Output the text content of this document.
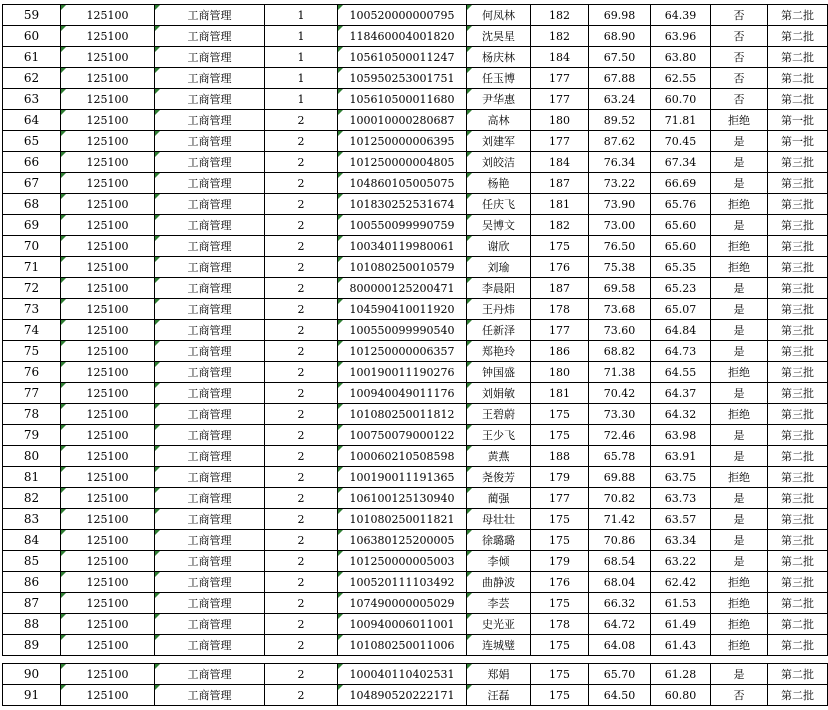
59	125100	工商管理	1	100520000000795	何凤林	182	69.98	64.39	否	第二批
60	125100	工商管理	1	118460004001820	沈昊星	182	68.90	63.96	否	第二批
61	125100	工商管理	1	105610500011247	杨庆林	184	67.50	63.80	否	第二批
62	125100	工商管理	1	105950253001751	任玉博	177	67.88	62.55	否	第二批
63	125100	工商管理	1	105610500011680	尹华惠	177	63.24	60.70	否	第二批
64	125100	工商管理	2	100010000280687	高林	180	89.52	71.81	拒绝	第一批
65	125100	工商管理	2	101250000006395	刘建军	177	87.62	70.45	是	第一批
66	125100	工商管理	2	101250000004805	刘皎洁	184	76.34	67.34	是	第三批
67	125100	工商管理	2	104860105005075	杨艳	187	73.22	66.69	是	第三批
68	125100	工商管理	2	101830252531674	任庆飞	181	73.90	65.76	拒绝	第三批
69	125100	工商管理	2	100550099990759	吴博文	182	73.00	65.60	是	第三批
70	125100	工商管理	2	100340119980061	谢欣	175	76.50	65.60	拒绝	第三批
71	125100	工商管理	2	101080250010579	刘瑜	176	75.38	65.35	拒绝	第三批
72	125100	工商管理	2	800000125200471	李晨阳	187	69.58	65.23	是	第三批
73	125100	工商管理	2	104590410011920	王丹炜	178	73.68	65.07	是	第三批
74	125100	工商管理	2	100550099990540	任新泽	177	73.60	64.84	是	第三批
75	125100	工商管理	2	101250000006357	郑艳玲	186	68.82	64.73	是	第三批
76	125100	工商管理	2	100190011190276	钟国盛	180	71.38	64.55	拒绝	第三批
77	125100	工商管理	2	100940049011176	刘娟敏	181	70.42	64.37	是	第三批
78	125100	工商管理	2	101080250011812	王碧蔚	175	73.30	64.32	拒绝	第三批
79	125100	工商管理	2	100750079000122	王少飞	175	72.46	63.98	是	第三批
80	125100	工商管理	2	100060210508598	黄燕	188	65.78	63.91	是	第二批
81	125100	工商管理	2	100190011191365	尧俊芳	179	69.88	63.75	拒绝	第三批
82	125100	工商管理	2	106100125130940	蔺强	177	70.82	63.73	是	第三批
83	125100	工商管理	2	101080250011821	母壮壮	175	71.42	63.57	是	第三批
84	125100	工商管理	2	106380125200005	徐璐璐	175	70.86	63.34	是	第三批
85	125100	工商管理	2	101250000005003	李倾	179	68.54	63.22	是	第二批
86	125100	工商管理	2	100520111103492	曲静波	176	68.04	62.42	拒绝	第三批
87	125100	工商管理	2	107490000005029	李芸	175	66.32	61.53	拒绝	第二批
88	125100	工商管理	2	100940006011001	史光亚	178	64.72	61.49	拒绝	第二批
89	125100	工商管理	2	101080250011006	连城璧	175	64.08	61.43	拒绝	第二批
90	125100	工商管理	2	100040110402531	郑娟	175	65.70	61.28	是	第二批
91	125100	工商管理	2	104890520222171	汪磊	175	64.50	60.80	否	第二批
